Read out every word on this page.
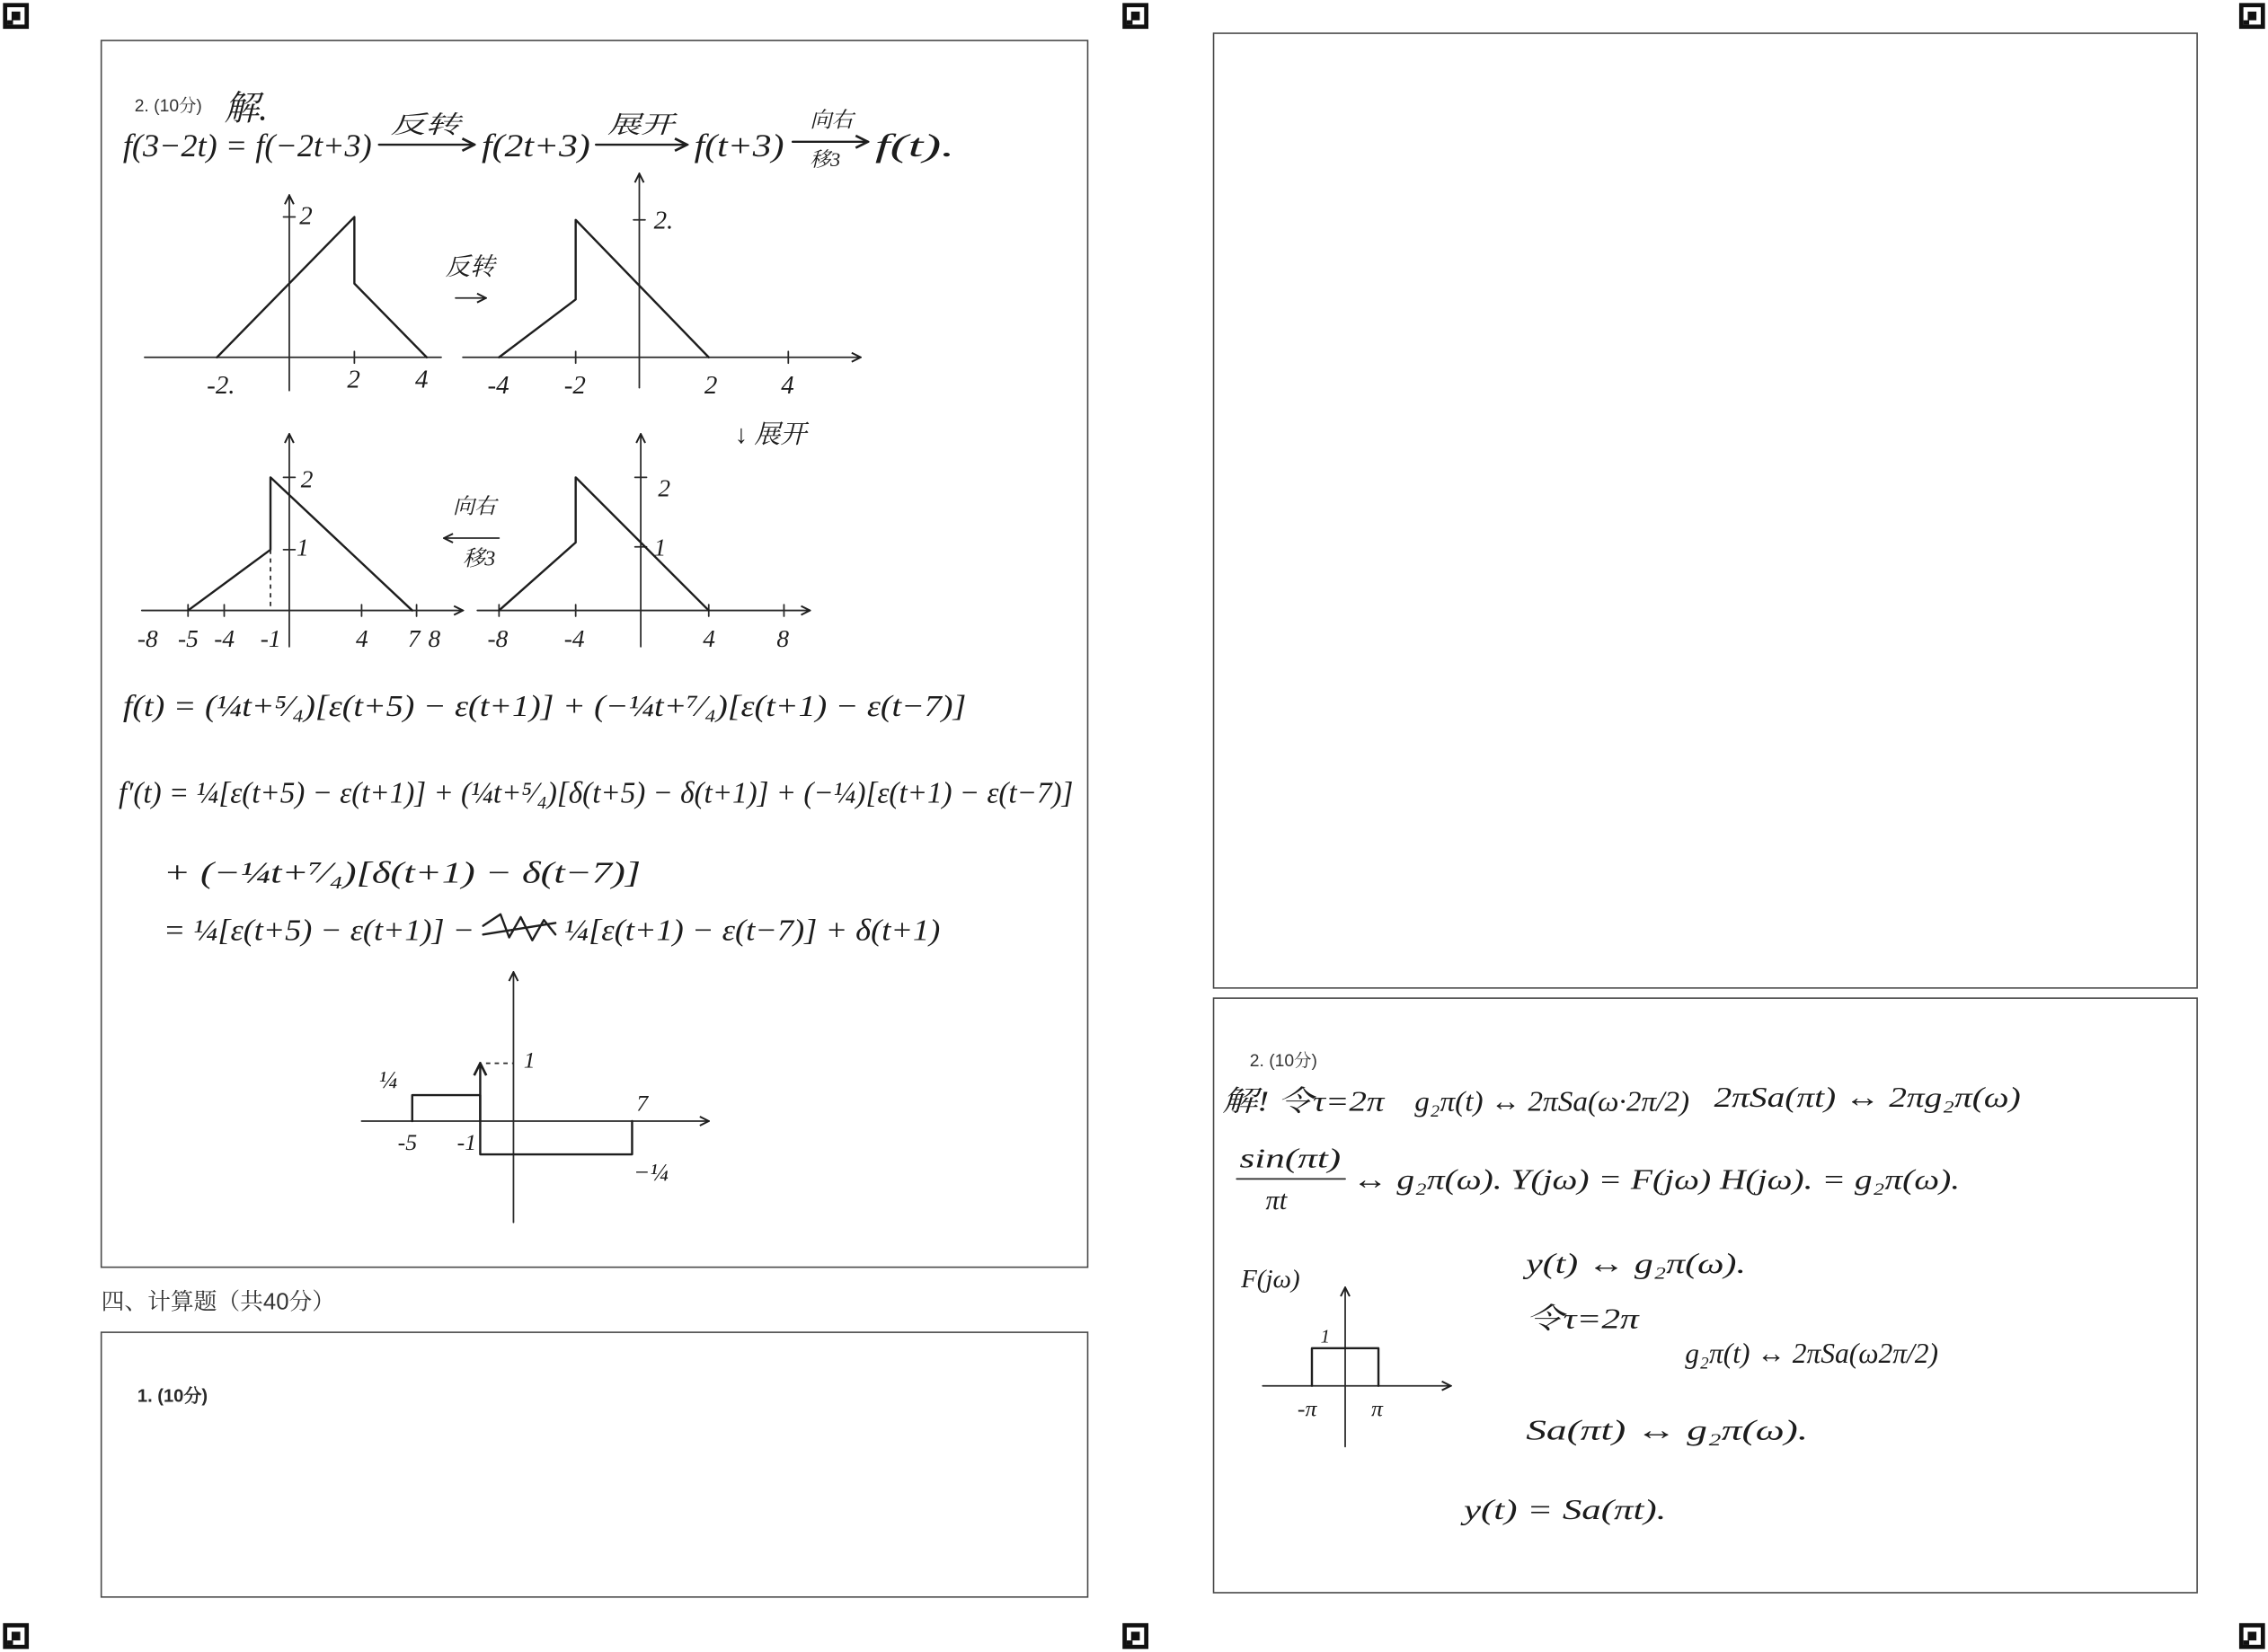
2. (10分) 解.
f(3−2t) = f(−2t+3)
反转
f(2t+3)
展开
f(t+3)
向右
移3 f(t).
2
-2.	2	4
反转
2.
-4	-2	2	4
↓ 展开
2
1
-8 -5 -4 -1	4	7 8
向右
移3
2
1
-8	-4	4	8
f(t) = (¼t+⁵⁄₄)[ε(t+5) − ε(t+1)] + (−¼t+⁷⁄₄)[ε(t+1) − ε(t−7)]
f′(t) = ¼[ε(t+5) − ε(t+1)] + (¼t+⁵⁄₄)[δ(t+5) − δ(t+1)] + (−¼)[ε(t+1) − ε(t−7)]
+ (−¼t+⁷⁄₄)[δ(t+1) − δ(t−7)]
= ¼[ε(t+5) − ε(t+1)] −	¼[ε(t+1) − ε(t−7)] + δ(t+1)
¼
1
-5	-1
7
−¼
四、计算题（共40分）
1. (10分)
2. (10分)
解! 令τ=2π g₂π(t) ↔ 2πSa(ω·2π/2) 2πSa(πt) ↔ 2πg₂π(ω)
sin(πt)
πt
↔ g₂π(ω). Y(jω) = F(jω) H(jω). = g₂π(ω).
F(jω)
1
-π	π
y(t) ↔ g₂π(ω).
令τ=2π
g₂π(t) ↔ 2πSa(ω2π/2)
Sa(πt) ↔ g₂π(ω).
y(t) = Sa(πt).
